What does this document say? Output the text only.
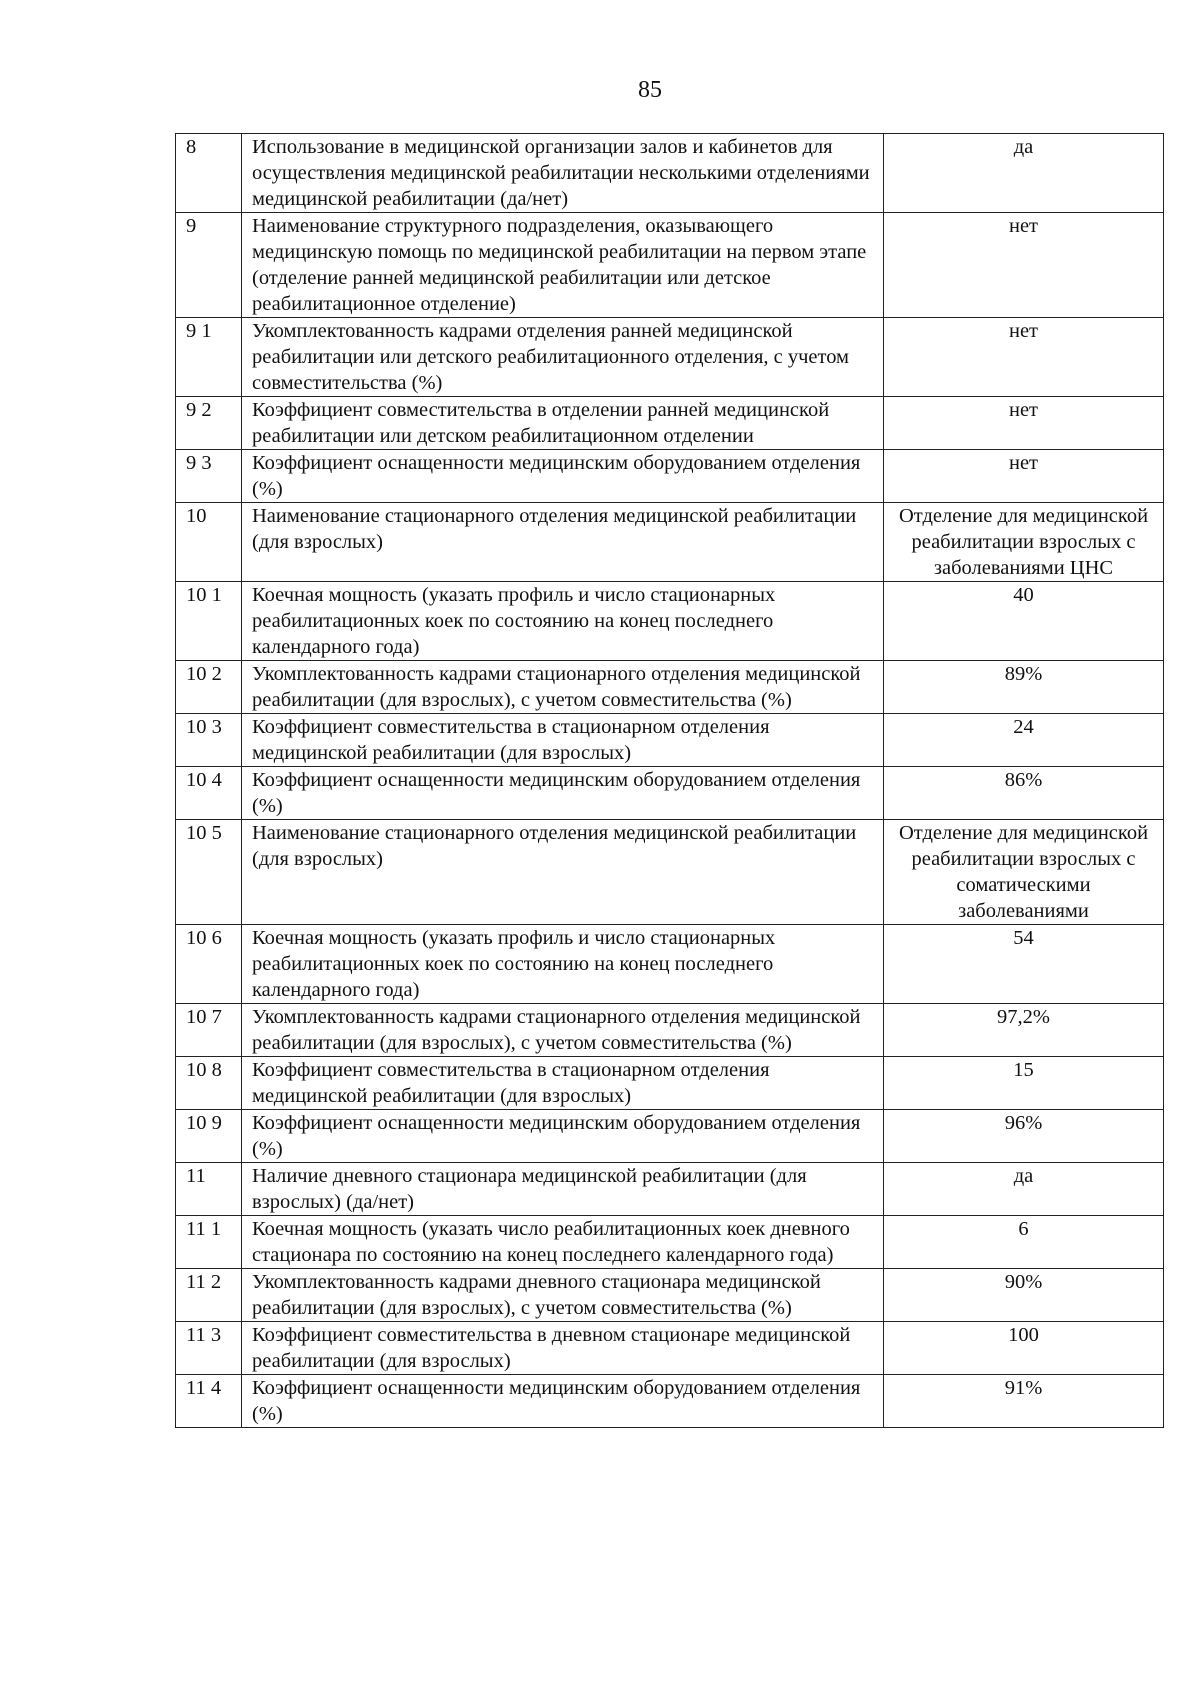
85
8	Использование в медицинской организации залов и кабинетов для осуществления медицинской реабилитации несколькими отделениями медицинской реабилитации (да/нет)	да
9	Наименование структурного подразделения, оказывающего медицинскую помощь по медицинской реабилитации на первом этапе (отделение ранней медицинской реабилитации или детское реабилитационное отделение)	нет
9 1	Укомплектованность кадрами отделения ранней медицинской реабилитации или детского реабилитационного отделения, с учетом совместительства (%)	нет
9 2	Коэффициент совместительства в отделении ранней медицинской реабилитации или детском реабилитационном отделении	нет
9 3	Коэффициент оснащенности медицинским оборудованием отделения (%)	нет
10	Наименование стационарного отделения медицинской реабилитации (для взрослых)	Отделение для медицинской реабилитации взрослых с заболеваниями ЦНС
10 1	Коечная мощность (указать профиль и число стационарных реабилитационных коек по состоянию на конец последнего календарного года)	40
10 2	Укомплектованность кадрами стационарного отделения медицинской реабилитации (для взрослых), с учетом совместительства (%)	89%
10 3	Коэффициент совместительства в стационарном отделения медицинской реабилитации (для взрослых)	24
10 4	Коэффициент оснащенности медицинским оборудованием отделения (%)	86%
10 5	Наименование стационарного отделения медицинской реабилитации (для взрослых)	Отделение для медицинской реабилитации взрослых с соматическими заболеваниями
10 6	Коечная мощность (указать профиль и число стационарных реабилитационных коек по состоянию на конец последнего календарного года)	54
10 7	Укомплектованность кадрами стационарного отделения медицинской реабилитации (для взрослых), с учетом совместительства (%)	97,2%
10 8	Коэффициент совместительства в стационарном отделения медицинской реабилитации (для взрослых)	15
10 9	Коэффициент оснащенности медицинским оборудованием отделения (%)	96%
11	Наличие дневного стационара медицинской реабилитации (для взрослых) (да/нет)	да
11 1	Коечная мощность (указать число реабилитационных коек дневного стационара по состоянию на конец последнего календарного года)	6
11 2	Укомплектованность кадрами дневного стационара медицинской реабилитации (для взрослых), с учетом совместительства (%)	90%
11 3	Коэффициент совместительства в дневном стационаре медицинской реабилитации (для взрослых)	100
11 4	Коэффициент оснащенности медицинским оборудованием отделения (%)	91%
